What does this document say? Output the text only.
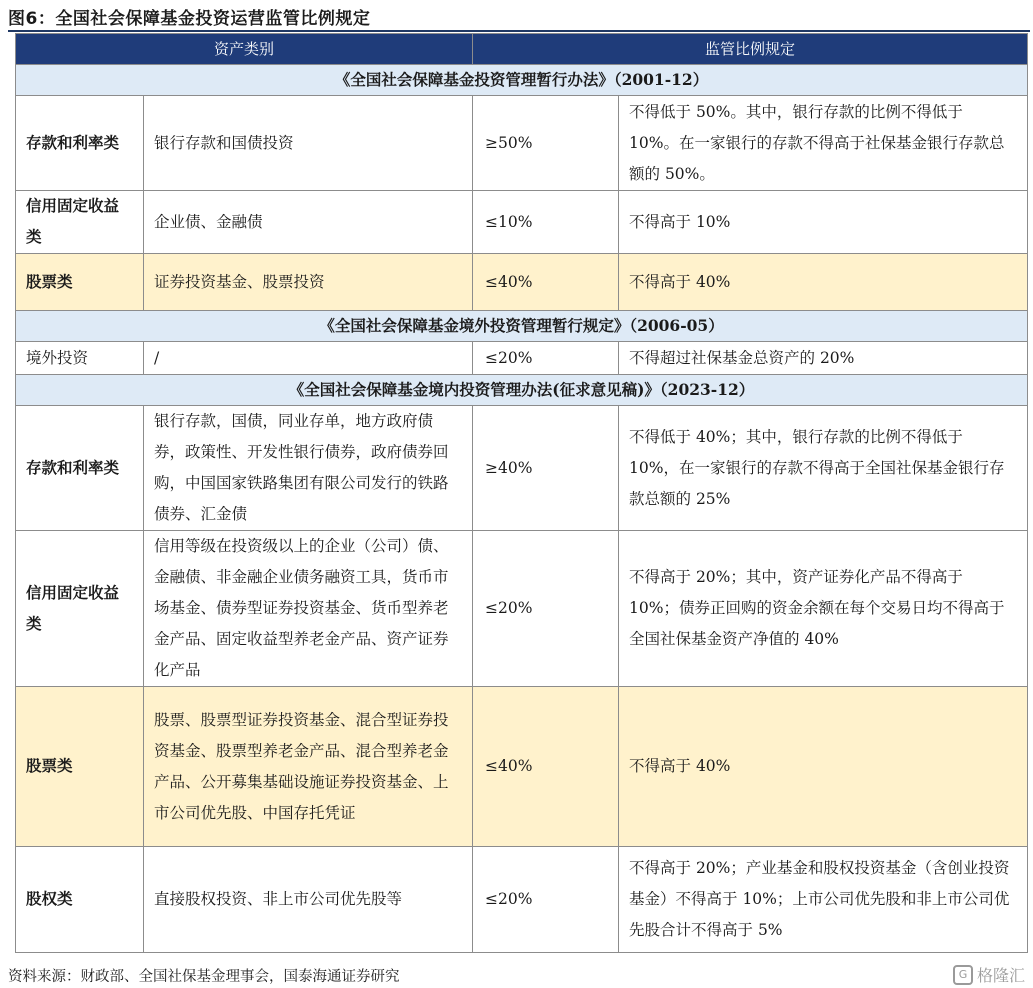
图6：全国社会保障基金投资运营监管比例规定
资产类别		监管比例规定	
《全国社会保障基金投资管理暂行办法》（2001-12）			
存款和利率类	银行存款和国债投资	≥50%	不得低于 50%。其中，银行存款的比例不得低于 10%。在一家银行的存款不得高于社保基金银行存款总额的 50%。
信用固定收益类	企业债、金融债	≤10%	不得高于 10%
股票类	证券投资基金、股票投资	≤40%	不得高于 40%
《全国社会保障基金境外投资管理暂行规定》（2006-05）			
境外投资	/	≤20%	不得超过社保基金总资产的 20%
《全国社会保障基金境内投资管理办法(征求意见稿)》（2023-12）			
存款和利率类	银行存款，国债，同业存单，地方政府债券，政策性、开发性银行债券，政府债券回购，中国国家铁路集团有限公司发行的铁路债券、汇金债	≥40%	不得低于 40%；其中，银行存款的比例不得低于 10%，在一家银行的存款不得高于全国社保基金银行存款总额的 25%
信用固定收益类	信用等级在投资级以上的企业（公司）债、金融债、非金融企业债务融资工具，货币市场基金、债券型证券投资基金、货币型养老金产品、固定收益型养老金产品、资产证券化产品	≤20%	不得高于 20%；其中，资产证券化产品不得高于 10%；债券正回购的资金余额在每个交易日均不得高于全国社保基金资产净值的 40%
股票类	股票、股票型证券投资基金、混合型证券投资基金、股票型养老金产品、混合型养老金产品、公开募集基础设施证券投资基金、上市公司优先股、中国存托凭证	≤40%	不得高于 40%
股权类	直接股权投资、非上市公司优先股等	≤20%	不得高于 20%；产业基金和股权投资基金（含创业投资基金）不得高于 10%；上市公司优先股和非上市公司优先股合计不得高于 5%
资料来源：财政部、全国社保基金理事会，国泰海通证券研究	G 格隆汇
